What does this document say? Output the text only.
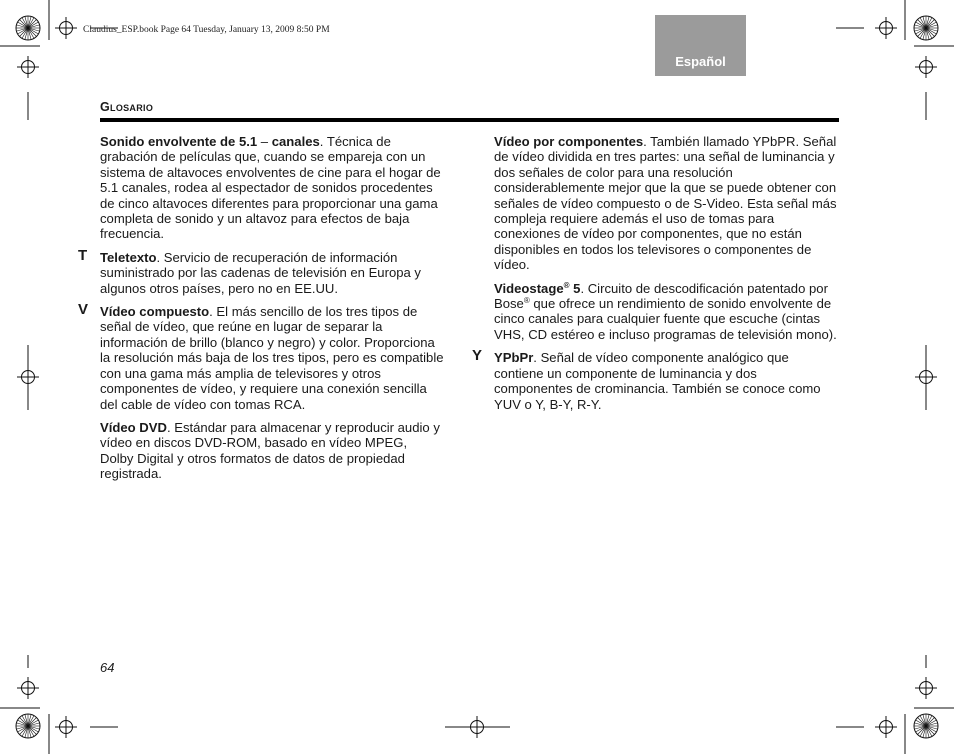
Claudius_ESP.book Page 64 Tuesday, January 13, 2009 8:50 PM
Español
Glosario

Sonido envolvente de 5.1 – canales. Técnica de grabación de películas que, cuando se empareja con un sistema de altavoces envolventes de cine para el hogar de 5.1 canales, rodea al espectador de sonidos procedentes de cinco altavoces diferentes para proporcionar una gama completa de sonido y un altavoz para efectos de baja frecuencia.

T Teletexto. Servicio de recuperación de información suministrado por las cadenas de televisión en Europa y algunos otros países, pero no en EE.UU.

V Vídeo compuesto. El más sencillo de los tres tipos de señal de vídeo, que reúne en lugar de separar la información de brillo (blanco y negro) y color. Proporciona la resolución más baja de los tres tipos, pero es compatible con una gama más amplia de televisores y otros componentes de vídeo, y requiere una conexión sencilla del cable de vídeo con tomas RCA.

Vídeo DVD. Estándar para almacenar y reproducir audio y vídeo en discos DVD-ROM, basado en vídeo MPEG, Dolby Digital y otros formatos de datos de propiedad registrada.

Vídeo por componentes. También llamado YPbPR. Señal de vídeo dividida en tres partes: una señal de luminancia y dos señales de color para una resolución considerablemente mejor que la que se puede obtener con señales de vídeo compuesto o de S-Video. Esta señal más compleja requiere además el uso de tomas para conexiones de vídeo por componentes, que no están disponibles en todos los televisores o componentes de vídeo.

Videostage® 5. Circuito de descodificación patentado por Bose® que ofrece un rendimiento de sonido envolvente de cinco canales para cualquier fuente que escuche (cintas VHS, CD estéreo e incluso programas de televisión mono).

Y YPbPr. Señal de vídeo componente analógico que contiene un componente de luminancia y dos componentes de crominancia. También se conoce como YUV o Y, B-Y, R-Y.

64
